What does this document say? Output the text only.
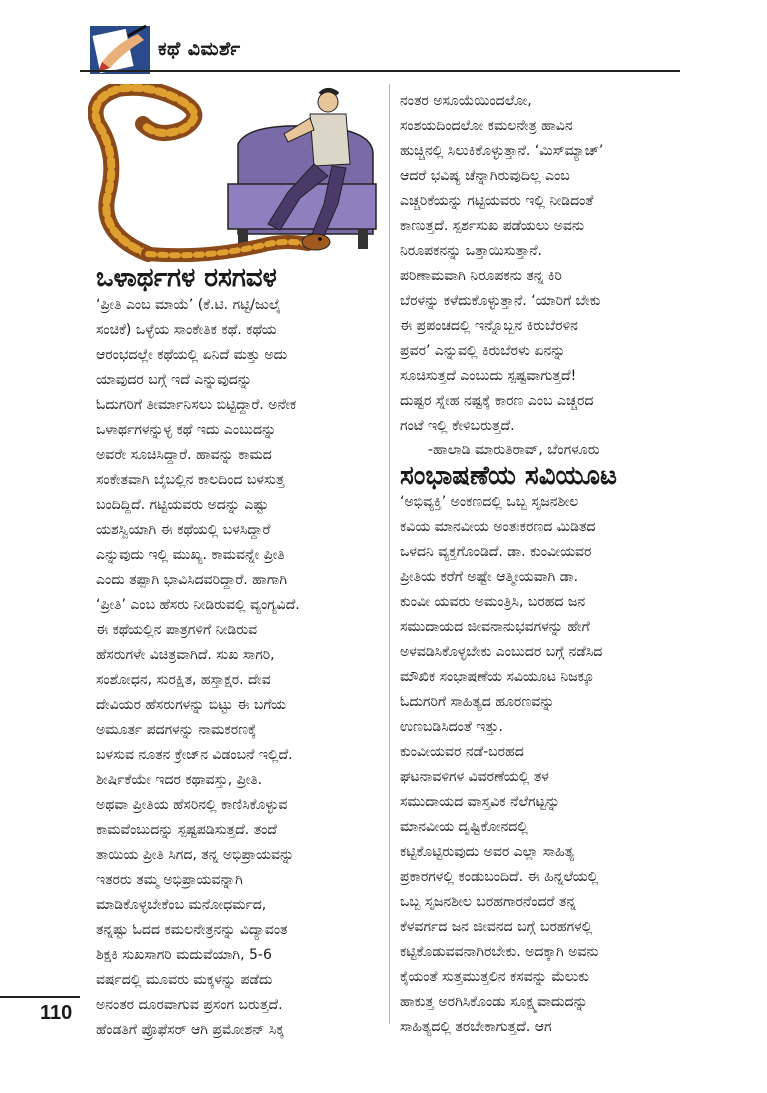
ಕಥೆ ವಿಮರ್ಶೆ
ಒಳಾರ್ಥಗಳ ರಸಗವಳ

‘ಪ್ರೀತಿ ಎಂಬ ಮಾಯೆ’ (ಕೆ.ಟಿ. ಗಟ್ಟಿ/ಜುಲೈ

ಸಂಚಿಕೆ) ಒಳ್ಳೆಯ ಸಾಂಕೇತಿಕ ಕಥೆ. ಕಥೆಯ

ಆರಂಭದಲ್ಲೇ ಕಥೆಯಲ್ಲಿ ಏನಿದೆ ಮತ್ತು ಅದು

ಯಾವುದರ ಬಗ್ಗೆ ಇದೆ ಎನ್ನುವುದನ್ನು

ಓದುಗರಿಗೆ ತೀರ್ಮಾನಿಸಲು ಬಿಟ್ಟಿದ್ದಾರೆ. ಅನೇಕ

ಒಳಾರ್ಥಗಳನ್ನುಳ್ಳ ಕಥೆ ಇದು ಎಂಬುದನ್ನು

ಅವರೇ ಸೂಚಿಸಿದ್ದಾರೆ. ಹಾವನ್ನು ಕಾಮದ

ಸಂಕೇತವಾಗಿ ಬೈಬಲ್ಲಿನ ಕಾಲದಿಂದ ಬಳಸುತ್ತ

ಬಂದಿದ್ದಿದೆ. ಗಟ್ಟಿಯವರು ಅದನ್ನು ಎಷ್ಟು

ಯಶಸ್ವಿಯಾಗಿ ಈ ಕಥೆಯಲ್ಲಿ ಬಳಸಿದ್ದಾರೆ

ಎನ್ನುವುದು ಇಲ್ಲಿ ಮುಖ್ಯ. ಕಾಮವನ್ನೇ ಪ್ರೀತಿ

ಎಂದು ತಪ್ಪಾಗಿ ಭಾವಿಸಿದವರಿದ್ದಾರೆ. ಹಾಗಾಗಿ

‘ಪ್ರೀತಿ’ ಎಂಬ ಹೆಸರು ನೀಡಿರುವಲ್ಲಿ ವ್ಯಂಗ್ಯವಿದೆ.

ಈ ಕಥೆಯಲ್ಲಿನ ಪಾತ್ರಗಳಿಗೆ ನೀಡಿರುವ

ಹೆಸರುಗಳೇ ವಿಚಿತ್ರವಾಗಿದೆ. ಸುಖ ಸಾಗರಿ,

ಸಂಶೋಧನ, ಸುರಕ್ಷಿತ, ಹಸ್ತಾಕ್ಷರ. ದೇವ

ದೇವಿಯರ ಹೆಸರುಗಳನ್ನು ಬಿಟ್ಟು ಈ ಬಗೆಯ

ಅಮೂರ್ತ ಪದಗಳನ್ನು ನಾಮಕರಣಕ್ಕೆ

ಬಳಸುವ ನೂತನ ಕ್ರೇಜ್‌ನ ವಿಡಂಬನೆ ಇಲ್ಲಿದೆ.

ಶೀರ್ಷಿಕೆಯೇ ಇದರ ಕಥಾವಸ್ತು, ಪ್ರೀತಿ.

ಅಥವಾ ಪ್ರೀತಿಯ ಹೆಸರಿನಲ್ಲಿ ಕಾಣಿಸಿಕೊಳ್ಳುವ

ಕಾಮವೆಂಬುದನ್ನು ಸ್ಪಷ್ಟಪಡಿಸುತ್ತದೆ. ತಂದೆ

ತಾಯಿಯ ಪ್ರೀತಿ ಸಿಗದ, ತನ್ನ ಅಭಿಪ್ರಾಯವನ್ನು

ಇತರರು ತಮ್ಮ ಅಭಿಪ್ರಾಯವನ್ನಾಗಿ

ಮಾಡಿಕೊಳ್ಳಬೇಕೆಂಬ ಮನೋಧರ್ಮದ,

ತನ್ನಷ್ಟು ಓದದ ಕಮಲನೇತ್ರನನ್ನು ವಿದ್ಯಾವಂತ

ಶಿಕ್ಷಕಿ ಸುಖಸಾಗರಿ ಮದುವೆಯಾಗಿ, 5-6

ವರ್ಷದಲ್ಲಿ ಮೂವರು ಮಕ್ಕಳನ್ನು ಪಡೆದು

ಅನಂತರ ದೂರವಾಗುವ ಪ್ರಸಂಗ ಬರುತ್ತದೆ.

ಹೆಂಡತಿಗೆ ಪ್ರೊಫೆಸರ್ ಆಗಿ ಪ್ರಮೋಶನ್ ಸಿಕ್ಕ

ನಂತರ ಅಸೂಯೆಯಿಂದಲೋ,

ಸಂಶಯದಿಂದಲೋ ಕಮಲನೇತ್ರ ಹಾವಿನ

ಹುಚ್ಚಿನಲ್ಲಿ ಸಿಲುಕಿಕೊಳ್ಳುತ್ತಾನೆ. ‘ಮಿಸ್‌ಮ್ಯಾಚ್’

ಆದರೆ ಭವಿಷ್ಯ ಚೆನ್ನಾಗಿರುವುದಿಲ್ಲ ಎಂಬ

ಎಚ್ಚರಿಕೆಯನ್ನು ಗಟ್ಟಿಯವರು ಇಲ್ಲಿ ನೀಡಿದಂತೆ

ಕಾಣುತ್ತದೆ. ಸ್ಪರ್ಶಸುಖ ಪಡೆಯಲು ಅವನು

ನಿರೂಪಕನನ್ನು ಒತ್ತಾಯಿಸುತ್ತಾನೆ.

ಪರಿಣಾಮವಾಗಿ ನಿರೂಪಕನು ತನ್ನ ಕಿರಿ

ಬೆರಳನ್ನು ಕಳೆದುಕೊಳ್ಳುತ್ತಾನೆ. ‘ಯಾರಿಗೆ ಬೇಕು

ಈ ಪ್ರಪಂಚದಲ್ಲಿ ಇನ್ನೊಬ್ಬನ ಕಿರುಬೆರಳಿನ

ಪ್ರವರ’ ಎನ್ನುವಲ್ಲಿ ಕಿರುಬೆರಳು ಏನನ್ನು

ಸೂಚಿಸುತ್ತದೆ ಎಂಬುದು ಸ್ಪಷ್ಟವಾಗುತ್ತದೆ!

ದುಷ್ಟರ ಸ್ನೇಹ ನಷ್ಟಕ್ಕೆ ಕಾರಣ ಎಂಬ ಎಚ್ಚರದ

ಗಂಟೆ ಇಲ್ಲಿ ಕೇಳಿಬರುತ್ತದೆ.

-ಹಾಲಾಡಿ ಮಾರುತಿರಾವ್, ಬೆಂಗಳೂರು
ಸಂಭಾಷಣೆಯ ಸವಿಯೂಟ

‘ಅಭಿವ್ಯಕ್ತಿ’ ಅಂಕಣದಲ್ಲಿ ಒಬ್ಬ ಸೃಜನಶೀಲ

ಕವಿಯ ಮಾನವೀಯ ಅಂತಃಕರಣದ ಮಿಡಿತದ

ಒಳದನಿ ವ್ಯಕ್ತಗೊಂಡಿದೆ. ಡಾ. ಕುಂವೀಯವರ

ಪ್ರೀತಿಯ ಕರೆಗೆ ಅಷ್ಟೇ ಆತ್ಮೀಯವಾಗಿ ಡಾ.

ಕುಂವೀ ಯವರು ಅಮಂತ್ರಿಸಿ, ಬರಹದ ಜನ

ಸಮುದಾಯದ ಜೀವನಾನುಭವಗಳನ್ನು ಹೇಗೆ

ಅಳವಡಿಸಿಕೊಳ್ಳಬೇಕು ಎಂಬುದರ ಬಗ್ಗೆ ನಡೆಸಿದ

ಮೌಖಿಕ ಸಂಭಾಷಣೆಯ ಸವಿಯೂಟ ನಿಜಕ್ಕೂ

ಓದುಗರಿಗೆ ಸಾಹಿತ್ಯದ ಹೂರಣವನ್ನು

ಉಣಬಡಿಸಿದಂತೆ ಇತ್ತು.

ಕುಂವೀಯವರ ನಡೆ-ಬರಹದ

ಘಟನಾವಳಿಗಳ ವಿವರಣೆಯಲ್ಲಿ ತಳ

ಸಮುದಾಯದ ವಾಸ್ತವಿಕ ನೆಲೆಗಟ್ಟನ್ನು

ಮಾನವೀಯ ದೃಷ್ಟಿಕೋನದಲ್ಲಿ

ಕಟ್ಟಿಕೊಟ್ಟಿರುವುದು ಅವರ ಎಲ್ಲಾ ಸಾಹಿತ್ಯ

ಪ್ರಕಾರಗಳಲ್ಲಿ ಕಂಡುಬಂದಿದೆ. ಈ ಹಿನ್ನಲೆಯಲ್ಲಿ

ಒಬ್ಬ ಸೃಜನಶೀಲ ಬರಹಗಾರನೆಂದರೆ ತನ್ನ

ಕೆಳವರ್ಗದ ಜನ ಜೀವನದ ಬಗ್ಗೆ ಬರಹಗಳಲ್ಲಿ

ಕಟ್ಟಿಕೊಡುವವನಾಗಿರಬೇಕು. ಅದಕ್ಕಾಗಿ ಅವನು

ಕೈಯಂತೆ ಸುತ್ತಮುತ್ತಲಿನ ಕಸವನ್ನು ಮೆಲುಕು

ಹಾಕುತ್ತ ಅರಗಿಸಿಕೊಂಡು ಸೂಕ್ಷ್ಮವಾದುದನ್ನು

ಸಾಹಿತ್ಯದಲ್ಲಿ ತರಬೇಕಾಗುತ್ತದೆ. ಆಗ

110
